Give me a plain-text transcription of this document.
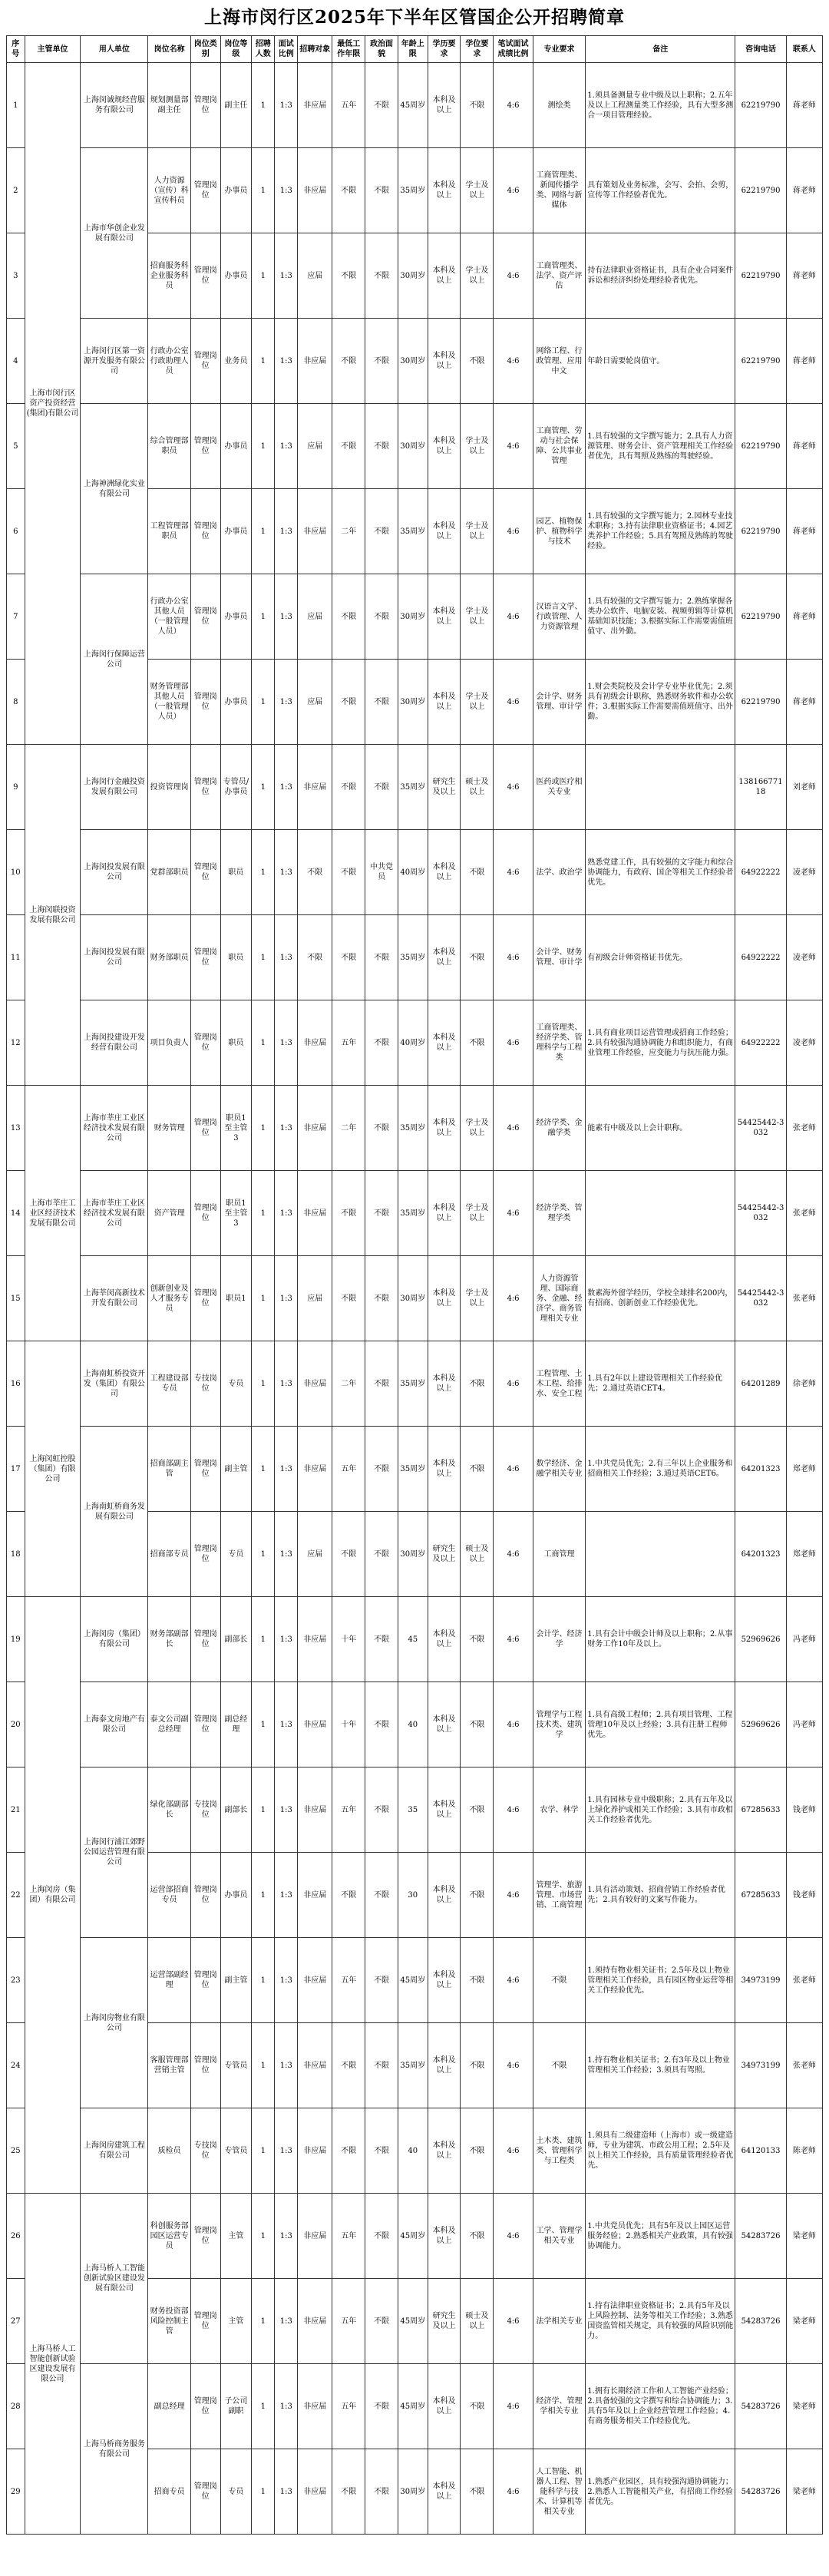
上海市闵行区2025年下半年区管国企公开招聘简章
序号	主管单位	用人单位	岗位名称	岗位类别	岗位等级	招聘人数	面试比例	招聘对象	最低工作年限	政治面貌	年龄上限	学历要求	学位要求	笔试面试成绩比例	专业要求	备注	咨询电话	联系人
1	上海市闵行区资产投资经营(集团)有限公司	上海闵诚规经营服务有限公司	规划测量部副主任	管理岗位	副主任	1	1:3	非应届	五年	不限	45周岁	本科及以上	不限	4:6	测绘类	1.须具备测量专业中级及以上职称；2.五年及以上工程测量类工作经验，具有大型多测合一项目管理经验。	62219790	蒋老师
2		上海市华创企业发展有限公司	人力资源（宣传）科宣传科员	管理岗位	办事员	1	1:3	非应届	不限	不限	35周岁	本科及以上	学士及以上	4:6	工商管理类、新闻传播学类、网络与新媒体	具有策划及业务标准，会写、会拍、会剪，宣传等工作经验者优先。	62219790	蒋老师
3			招商服务科企业服务科员	管理岗位	办事员	1	1:3	应届	不限	不限	30周岁	本科及以上	学士及以上	4:6	工商管理类、法学、资产评估	持有法律职业资格证书，具有企业合同案件诉讼和经济纠纷处理经验者优先。	62219790	蒋老师
4		上海闵行区第一资源开发服务有限公司	行政办公室行政助理人员	管理岗位	业务员	1	1:3	非应届	不限	不限	30周岁	本科及以上	不限	4:6	网络工程、行政管理、应用中文	年龄日需要轮岗值守。	62219790	蒋老师
5		上海神洲绿化实业有限公司	综合管理部职员	管理岗位	办事员	1	1:3	应届	不限	不限	30周岁	本科及以上	学士及以上	4:6	工商管理、劳动与社会保障、公共事业管理	1.具有较强的文字撰写能力；2.具有人力资源管理、财务会计、资产管理相关工作经验者优先，具有驾照及熟练的驾驶经验。	62219790	蒋老师
6			工程管理部职员	管理岗位	办事员	1	1:3	非应届	二年	不限	35周岁	本科及以上	学士及以上	4:6	园艺、植物保护、植物科学与技术	1.具有较强的文字撰写能力；2.园林专业技术职称；3.持有法律职业资格证书；4.园艺类养护工作经验；5.具有驾照及熟练的驾驶经验。	62219790	蒋老师
7		上海闵行保障运营公司	行政办公室其他人员（一般管理人员）	管理岗位	办事员	1	1:3	应届	不限	不限	30周岁	本科及以上	学士及以上	4:6	汉语言文学、行政管理、人力资源管理	1.具有较强的文字撰写能力；2.熟练掌握各类办公软件、电脑安装、视频剪辑等计算机基础知识技能；3.根据实际工作需要需值班值守、出外勤。	62219790	蒋老师
8			财务管理部其他人员（一般管理人员）	管理岗位	办事员	1	1:3	应届	不限	不限	30周岁	本科及以上	学士及以上	4:6	会计学、财务管理、审计学	1.财会类院校及会计学专业毕业优先；2.须具有初级会计职称，熟悉财务软件和办公软件；3.根据实际工作需要需值班值守、出外勤。	62219790	蒋老师
9	上海闵联投资发展有限公司	上海闵行金融投资发展有限公司	投资管理岗	管理岗位	专管员/办事员	1	1:3	非应届	不限	不限	35周岁	研究生及以上	硕士及以上	4:6	医药或医疗相关专业		13816677118	刘老师
10		上海闵投发展有限公司	党群部职员	管理岗位	职员	1	1:3	不限	不限	中共党员	40周岁	本科及以上	不限	4:6	法学、政治学	熟悉党建工作，具有较强的文字能力和综合协调能力，有政府、国企等相关工作经验者优先。	64922222	凌老师
11		上海闵投发展有限公司	财务部职员	管理岗位	职员	1	1:3	不限	不限	不限	35周岁	本科及以上	不限	4:6	会计学、财务管理、审计学	有初级会计师资格证书优先。	64922222	凌老师
12		上海闵投建设开发经营有限公司	项目负责人	管理岗位	职员	1	1:3	非应届	五年	不限	40周岁	本科及以上	不限	4:6	工商管理类、经济学类、管理科学与工程类	1.具有商业项目运营管理或招商工作经验；2.具有较强沟通协调能力和组织能力，有商业管理工作经验，应变能力与抗压能力强。	64922222	凌老师
13	上海市莘庄工业区经济技术发展有限公司	上海市莘庄工业区经济技术发展有限公司	财务管理	管理岗位	职员1至主管3	1	1:3	非应届	二年	不限	35周岁	本科及以上	学士及以上	4:6	经济学类、金融学类	能素有中级及以上会计职称。	54425442-3032	张老师
14		上海市莘庄工业区经济技术发展有限公司	资产管理	管理岗位	职员1至主管3	1	1:3	非应届	不限	不限	35周岁	本科及以上	学士及以上	4:6	经济学类、管理学类		54425442-3032	张老师
15		上海莘闵高新技术开发有限公司	创新创业及人才服务专员	管理岗位	职员1	1	1:3	应届	不限	不限	30周岁	本科及以上	学士及以上	4:6	人力资源管理、国际商务、金融、经济学、商务管理相关专业	数素海外留学经历，学校全球排名200内，有招商、创新创业工作经验优先。	54425442-3032	张老师
16	上海闵虹控股（集团）有限公司	上海南虹桥投资开发（集团）有限公司	工程建设部专员	专技岗位	专员	1	1:3	非应届	二年	不限	35周岁	本科及以上	不限	4:6	工程管理、土木工程、给排水、安全工程	1.具有2年以上建设管理相关工作经验优先；2.通过英语CET4。	64201289	徐老师
17		上海南虹桥商务发展有限公司	招商部副主管	管理岗位	副主管	1	1:3	非应届	五年	不限	35周岁	本科及以上	不限	4:6	数学经济、金融学相关专业	1.中共党员优先；2.有三年以上企业服务和招商相关工作经验；3.通过英语CET6。	64201323	郑老师
18			招商部专员	管理岗位	专员	1	1:3	应届	不限	不限	30周岁	研究生及以上	硕士及以上	4:6	工商管理		64201323	郑老师
19	上海闵房（集团）有限公司	上海闵房（集团）有限公司	财务部副部长	管理岗位	副部长	1	1:3	非应届	十年	不限	45	本科及以上	不限	4:6	会计学、经济学	1.具有会计中级会计师及以上职称；2.从事财务工作10年及以上。	52969626	冯老师
20		上海泰文房地产有限公司	泰文公司副总经理	管理岗位	副总经理	1	1:3	非应届	十年	不限	40	本科及以上	不限	4:6	管理学与工程技术类、建筑学	1.具有高级工程师；2.具有项目管理、工程管理10年及以上经验；3.具有注册工程师优先。	52969626	冯老师
21		上海闵行浦江郊野公园运营管理有限公司	绿化部副部长	专技岗位	副部长	1	1:3	非应届	五年	不限	35	本科及以上	不限	4:6	农学、林学	1.具有园林专业中级职称；2.具有五年及以上绿化养护或相关工作经验；3.具有市政相关工作经验者优先。	67285633	钱老师
22			运营部招商专员	管理岗位	办事员	1	1:3	非应届	不限	不限	30	本科及以上	不限	4:6	管理学、旅游管理、市场营销、工商管理	1.具有活动策划、招商营销工作经验者优先；2.具有较好的文案写作能力。	67285633	钱老师
23		上海闵房物业有限公司	运营部副经理	管理岗位	副主管	1	1:3	非应届	五年	不限	45周岁	本科及以上	不限	4:6	不限	1.须持有物业相关证书；2.5年及以上物业管理相关工作经验，具有园区物业运营等相关工作经验优先。	34973199	张老师
24			客服管理部营销主管	管理岗位	专管员	1	1:3	非应届	不限	不限	35周岁	本科及以上	不限	4:6	不限	1.持有物业相关证书；2.有3年及以上物业管理相关工作经验；3.须具有驾照。	34973199	张老师
25		上海闵房建筑工程有限公司	质检员	专技岗位	专管员	1	1:3	非应届	不限	不限	40	本科及以上	不限	4:6	土木类、建筑类、管理科学与工程类	1.须具有二级建造师（上海市）或一级建造师，专业为建筑、市政公用工程；2.5年及以上相关工作经验，具有质量管理经验者优先。	64120133	陈老师
26	上海马桥人工智能创新试验区建设发展有限公司	上海马桥人工智能创新试验区建设发展有限公司	科创服务部园区运营专员	管理岗位	主管	1	1:3	非应届	五年	不限	45周岁	本科及以上	不限	4:6	工学、管理学相关专业	1.中共党员优先；具有5年及以上园区运营服务经验；2.熟悉相关产业政策，具有较强协调能力。	54283726	梁老师
27			财务投资部风险控制主管	管理岗位	主管	1	1:3	非应届	五年	不限	45周岁	研究生及以上	硕士及以上	4:6	法学相关专业	1.持有法律职业资格证书；2.具有5年及以上风险控制、法务等相关工作经验；3.熟悉国资监管相关规定，具有较强的风险识别能力。	54283726	梁老师
28		上海马桥商务服务有限公司	副总经理	管理岗位	子公司副职	1	1:3	非应届	五年	不限	45周岁	本科及以上	不限	4:6	经济学、管理学相关专业	1.拥有长期经济工作和人工智能产业经验；2.具备较强的文字撰写和综合协调能力；3.具有5年及以上企业经营管理工作经验；4.有商务服务相关工作经验优先。	54283726	梁老师
29			招商专员	管理岗位	专员	1	1:3	非应届	不限	不限	30周岁	本科及以上	不限	4:6	人工智能、机器人工程、智能科学与技术、计算机等相关专业	1.熟悉产业园区，具有较强沟通协调能力；2.熟悉人工智能相关产业，有招商工作经验者优先。	54283726	梁老师
